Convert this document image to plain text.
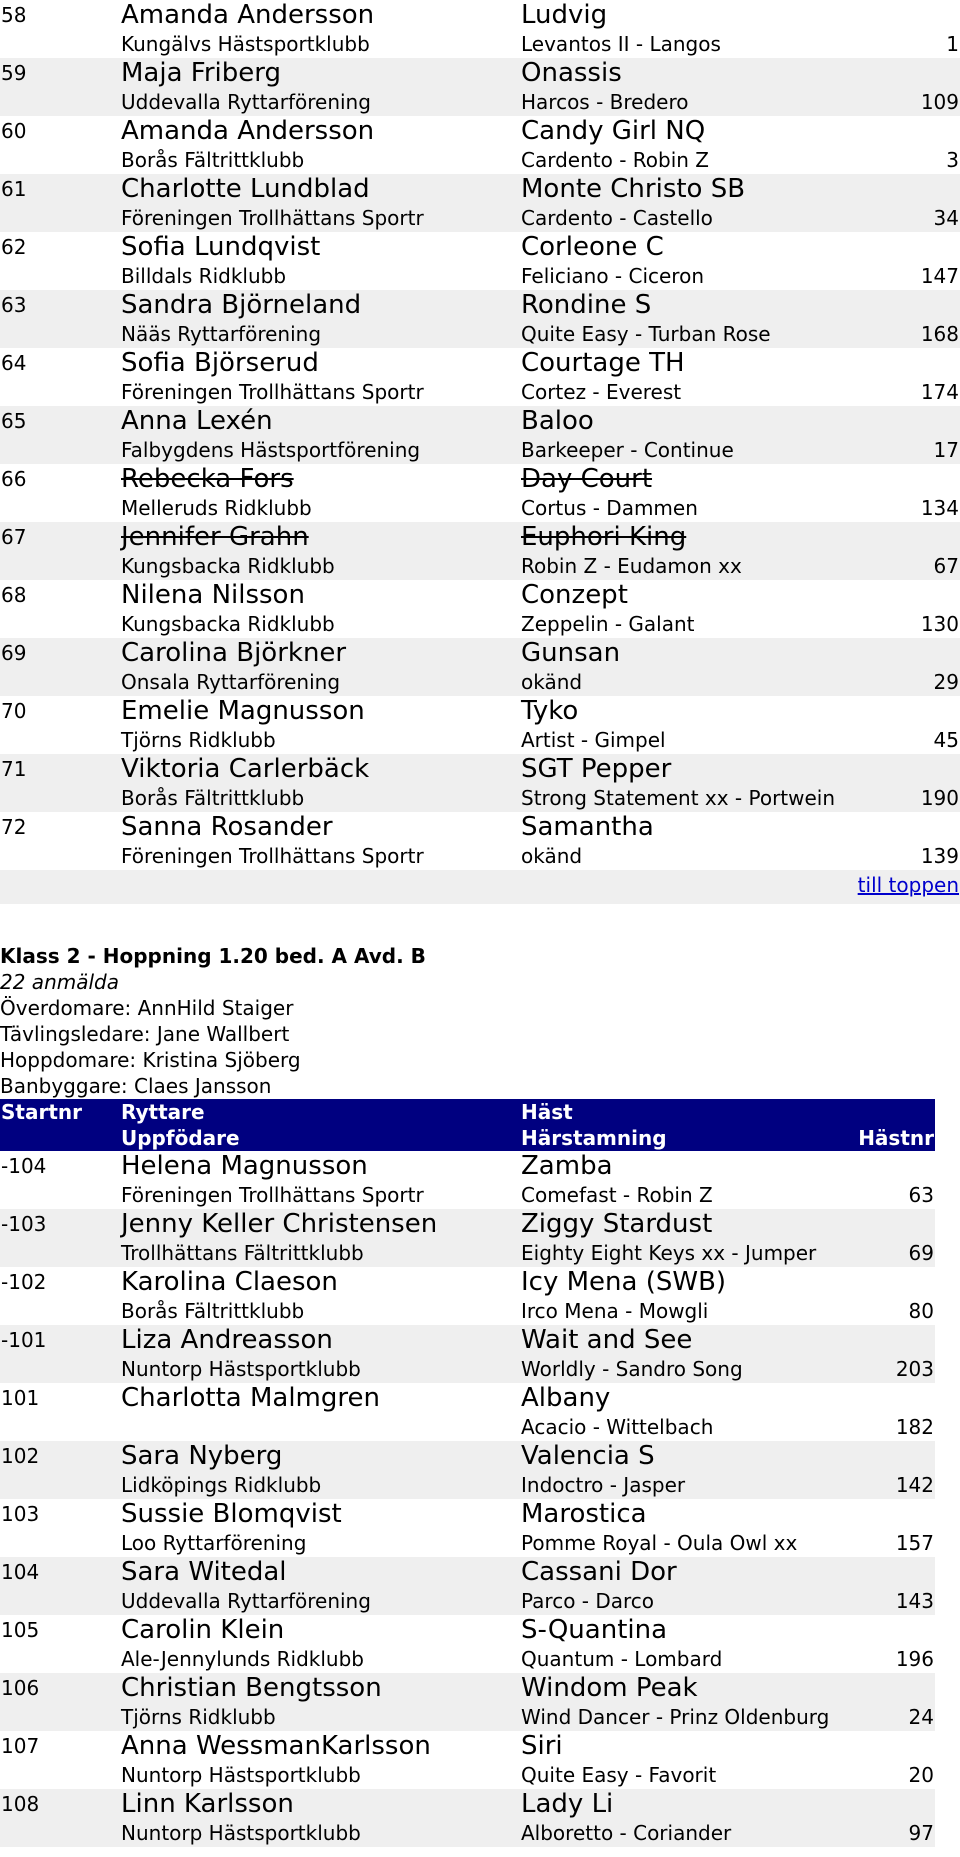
58	Amanda Andersson	Ludvig	
	Kungälvs Hästsportklubb	Levantos II - Langos	1
59	Maja Friberg	Onassis	
	Uddevalla Ryttarförening	Harcos - Bredero	109
60	Amanda Andersson	Candy Girl NQ	
	Borås Fältrittklubb	Cardento - Robin Z	3
61	Charlotte Lundblad	Monte Christo SB	
	Föreningen Trollhättans Sportr	Cardento - Castello	34
62	Sofia Lundqvist	Corleone C	
	Billdals Ridklubb	Feliciano - Ciceron	147
63	Sandra Björneland	Rondine S	
	Nääs Ryttarförening	Quite Easy - Turban Rose	168
64	Sofia Björserud	Courtage TH	
	Föreningen Trollhättans Sportr	Cortez - Everest	174
65	Anna Lexén	Baloo	
	Falbygdens Hästsportförening	Barkeeper - Continue	17
66	Rebecka Fors	Day Court	
	Melleruds Ridklubb	Cortus - Dammen	134
67	Jennifer Grahn	Euphori King	
	Kungsbacka Ridklubb	Robin Z - Eudamon xx	67
68	Nilena Nilsson	Conzept	
	Kungsbacka Ridklubb	Zeppelin - Galant	130
69	Carolina Björkner	Gunsan	
	Onsala Ryttarförening	okänd	29
70	Emelie Magnusson	Tyko	
	Tjörns Ridklubb	Artist - Gimpel	45
71	Viktoria Carlerbäck	SGT Pepper	
	Borås Fältrittklubb	Strong Statement xx - Portwein	190
72	Sanna Rosander	Samantha	
	Föreningen Trollhättans Sportr	okänd	139
till toppen			
Klass 2 - Hoppning 1.20 bed. A Avd. B
22 anmälda
Överdomare: AnnHild Staiger
Tävlingsledare: Jane Wallbert
Hoppdomare: Kristina Sjöberg
Banbyggare: Claes Jansson
Startnr	Ryttare	Häst	
	Uppfödare	Härstamning	Hästnr
-104	Helena Magnusson	Zamba	
	Föreningen Trollhättans Sportr	Comefast - Robin Z	63
-103	Jenny Keller Christensen	Ziggy Stardust	
	Trollhättans Fältrittklubb	Eighty Eight Keys xx - Jumper	69
-102	Karolina Claeson	Icy Mena (SWB)	
	Borås Fältrittklubb	Irco Mena - Mowgli	80
-101	Liza Andreasson	Wait and See	
	Nuntorp Hästsportklubb	Worldly - Sandro Song	203
101	Charlotta Malmgren	Albany	
		Acacio - Wittelbach	182
102	Sara Nyberg	Valencia S	
	Lidköpings Ridklubb	Indoctro - Jasper	142
103	Sussie Blomqvist	Marostica	
	Loo Ryttarförening	Pomme Royal - Oula Owl xx	157
104	Sara Witedal	Cassani Dor	
	Uddevalla Ryttarförening	Parco - Darco	143
105	Carolin Klein	S-Quantina	
	Ale-Jennylunds Ridklubb	Quantum - Lombard	196
106	Christian Bengtsson	Windom Peak	
	Tjörns Ridklubb	Wind Dancer - Prinz Oldenburg	24
107	Anna WessmanKarlsson	Siri	
	Nuntorp Hästsportklubb	Quite Easy - Favorit	20
108	Linn Karlsson	Lady Li	
	Nuntorp Hästsportklubb	Alboretto - Coriander	97
